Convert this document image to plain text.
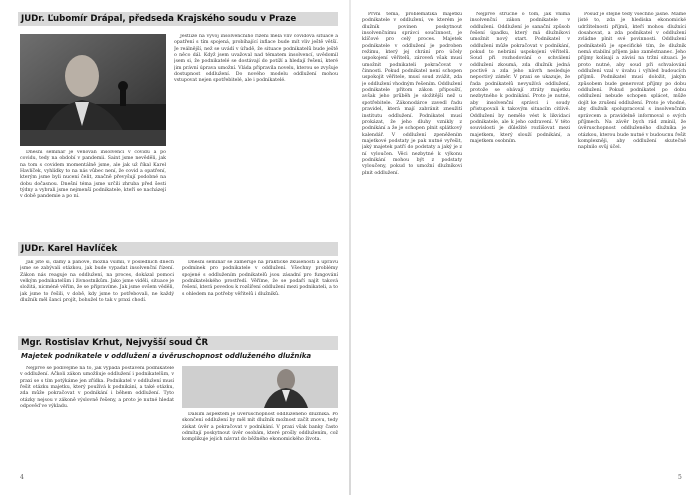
JUDr. Ľubomír Drápal, předseda Krajského soudu v Praze

Dnešní seminář je věnován insolvenci v covidu a po covidu, tedy na období v pandemii. Saint jsme nevěděli, jak na tom s covidem momentálně jsme, ale jak už říkal Karel Havlíček, vyhlídky to na nás vůbec není, že covid a opatření, kterým jsme byli nucení čelit, značně převyšují podobné na dobu dočasnou. Dnešní téma jsme určili zhruba před šesti týdny a vybrali jsme nejmenší podnikatele, kteří se nacházejí v době pandemie a po ní.

Jestliže na vývoj insolvenčního řízení měla vliv covidová situace a opatření s tím spojená, probíhající inflace bude mít vliv ještě větší. Je reálnější, než se uvádí v úřadě, že situace podnikatelů bude ještě o něco dál. Když jsem uvažoval nad tématem insolvencí, uvědomil jsem si, že podnikatelé se dostávají do potíží a hledají řešení, které jim právní úprava umožní. Vláda připravila novelu, kterou se zvyšuje dostupnost oddlužení. Do nového modelu oddlužení mohou vstupovat nejen spotřebitelé, ale i podnikatelé.

JUDr. Karel Havlíček

Jak jste si, dámy a pánové, možná všimli, v posledních dnech jsme se zabývali otázkou, jak bude vypadat insolvenční řízení. Zákon nás reaguje na oddlužení, na proces, dokázal pomoci velkým podnikatelům i živnostníkům. Jako jsme viděli, situace je složitá, nicméně věřím, že se připravíme. Jak jsme ovšem věděli, jak jsme to řešili, v době, kdy jsme to potřebovali, ne každý dlužník měl šanci projít, bohužel to tak v praxi chodí.

Dnešní seminář se zaměřuje na praktické zkušenosti a úpravu podmínek pro podnikatele v oddlužení. Všechny problémy spojené s oddlužením podnikatelů jsou zásadní pro fungování podnikatelského prostředí. Věříme, že se podaří najít taková řešení, která povedou k rozšíření oddlužení mezi podnikateli, a to s ohledem na potřeby věřitelů i dlužníků.

Mgr. Rostislav Krhut, Nejvyšší soud ČR
Majetek podnikatele v oddlužení a úvěruschopnost oddluženého dlužníka

Nejprve se podívejme na to, jak vypadá postavení podnikatele v oddlužení. Ačkoli zákon umožňuje oddlužení i podnikatelům, v praxi se s tím potýkáme jen zřídka. Podnikatel v oddlužení musí řešit otázku majetku, který používá k podnikání, a také otázku, zda může pokračovat v podnikání i během oddlužení. Tyto otázky nejsou v zákoně výslovně řešeny, a proto je nutné hledat odpověď ve výkladu.

Dalším aspektem je úvěruschopnost oddluženého dlužníka. Po skončení oddlužení by měl mít dlužník možnost začít znovu, tedy získat úvěr a pokračovat v podnikání. V praxi však banky často odmítají poskytnout úvěr osobám, které prošly oddlužením, což komplikuje jejich návrat do běžného ekonomického života.

4

První téma, problematika majetku podnikatele v oddlužení, ve kterém je dlužník povinen poskytnout insolvenčnímu správci součinnost, je klíčové pro celý proces. Majetek podnikatele v oddlužení je podroben režimu, který jej chrání pro účely uspokojení věřitelů, zároveň však musí umožnit podnikateli pokračovat v činnosti. Pokud podnikatel není schopen uspokojit věřitele, musí soud zvážit, zda je oddlužení vhodným řešením. Oddlužení podnikatele přitom zákon připouští, avšak jeho průběh je složitější než u spotřebitele. Zákonodárce zavedl řadu pravidel, která mají zabránit zneužití institutu oddlužení. Podnikatel musí prokázat, že jeho dluhy vznikly z podnikání a že je schopen plnit splátkový kalendář. V oddlužení zpeněžením majetkové podstaty je pak nutné vyřešit, jaký majetek patří do podstaty a jaký je z ní vyloučen. Věci nezbytné k výkonu podnikání mohou být z podstaty vyloučeny, pokud to umožní dlužníkovi plnit oddlužení.

Nejprve stručně o tom, jak vnímá insolvenční zákon podnikatele v oddlužení. Oddlužení je sanační způsob řešení úpadku, který má dlužníkovi umožnit nový start. Podnikatel v oddlužení může pokračovat v podnikání, pokud to nebrání uspokojení věřitelů. Soud při rozhodování o schválení oddlužení zkoumá, zda dlužník jedná poctivě a zda jeho návrh nesleduje nepoctivý záměr. V praxi se ukazuje, že řada podnikatelů nevyužívá oddlužení, protože se obávají ztráty majetku nezbytného k podnikání. Proto je nutné, aby insolvenční správci i soudy přistupovali k takovým situacím citlivě. Oddlužení by nemělo vést k likvidaci podnikatele, ale k jeho ozdravení. V této souvislosti je důležité rozlišovat mezi majetkem, který slouží podnikání, a majetkem osobním.

Posuď je stejně tedy všechno jasné. Máme jisté to, zda je hlediska ekonomické udržitelnosti příjmů, kteří mohou dlužníci dosahovat, a zda podnikatel v oddlužení zvládne plnit své povinnosti. Oddlužení podnikatelů je specifické tím, že dlužník nemá stabilní příjem jako zaměstnanec. Jeho příjmy kolísají a závisí na tržní situaci. Je proto nutné, aby soud při schvalování oddlužení vzal v úvahu i výhled budoucích příjmů. Podnikatel musí doložit, jakým způsobem bude generovat příjmy po dobu oddlužení. Pokud podnikatel po dobu oddlužení nebude schopen splácet, může dojít ke zrušení oddlužení. Proto je vhodné, aby dlužník spolupracoval s insolvenčním správcem a pravidelně informoval o svých příjmech. Na závěr bych rád zmínil, že úvěruschopnost oddluženého dlužníka je otázkou, kterou bude nutné v budoucnu řešit komplexněji, aby oddlužení skutečně naplnilo svůj účel.

5
